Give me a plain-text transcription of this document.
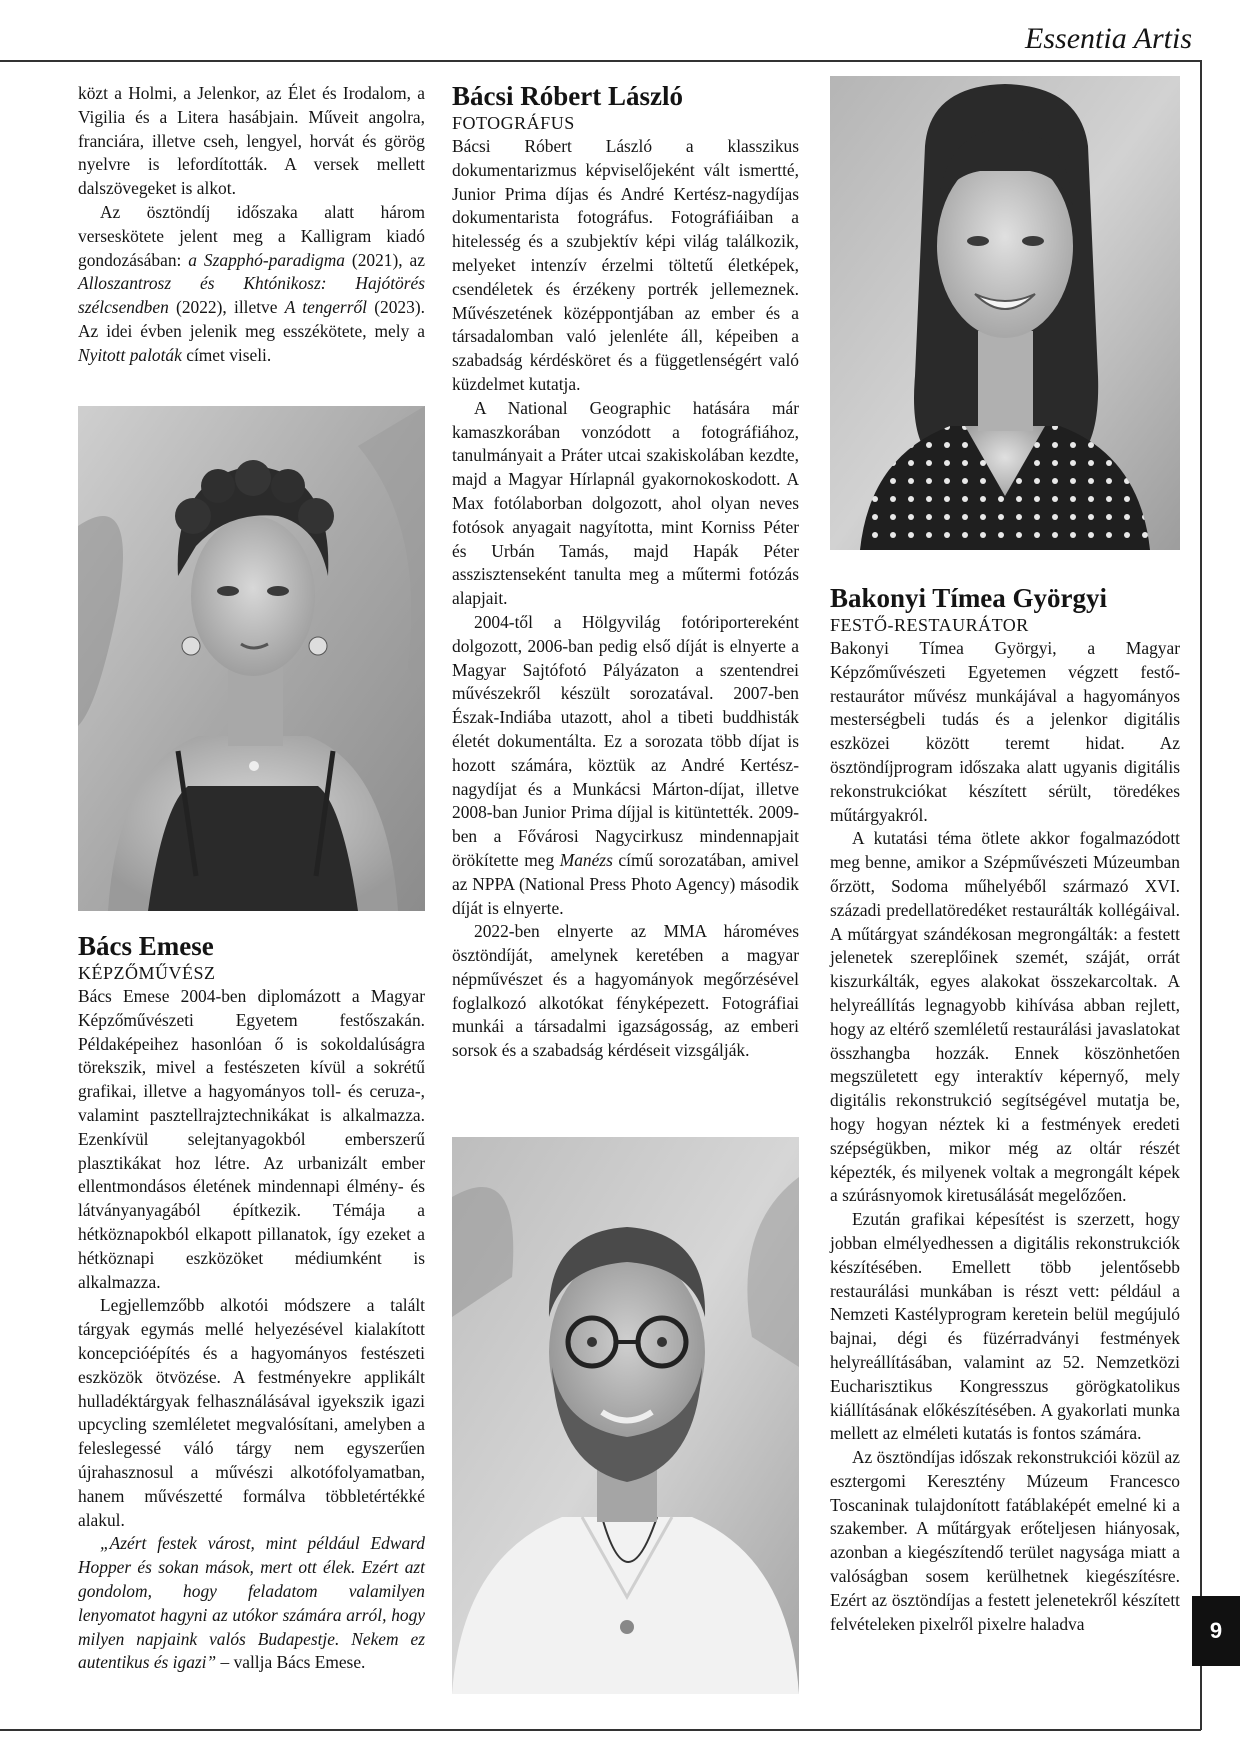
Essentia Artis
9

közt a Holmi, a Jelenkor, az Élet és Irodalom, a Vigilia és a Litera hasábjain. Műveit angolra, franciára, illetve cseh, lengyel, horvát és görög nyelvre is lefordították. A versek mellett dalszövegeket is alkot.

Az ösztöndíj időszaka alatt három verseskötete jelent meg a Kalligram kiadó gondozásában: a Szapphó-paradigma (2021), az Alloszantrosz és Khtónikosz: Hajótörés szélcsendben (2022), illetve A tengerről (2023). Az idei évben jelenik meg esszékötete, mely a Nyitott paloták címet viseli.

Bács Emese

KÉPZŐMŰVÉSZ

Bács Emese 2004-ben diplomázott a Magyar Képzőművészeti Egyetem festőszakán. Példaképeihez hasonlóan ő is sokoldalúságra törekszik, mivel a festészeten kívül a sokrétű grafikai, illetve a hagyományos toll- és ceruza-, valamint pasztellrajztechnikákat is alkalmazza. Ezenkívül selejtanyagokból emberszerű plasztikákat hoz létre. Az urbanizált ember ellentmondásos életének mindennapi élmény- és látványanyagából építkezik. Témája a hétköznapokból elkapott pillanatok, így ezeket a hétköznapi eszközöket médiumként is alkalmazza.

Legjellemzőbb alkotói módszere a talált tárgyak egymás mellé helyezésével kialakított koncepcióépítés és a hagyományos festészeti eszközök ötvözése. A festményekre applikált hulladéktárgyak felhasználásával igyekszik igazi upcycling szemléletet megvalósítani, amelyben a feleslegessé váló tárgy nem egyszerűen újrahasznosul a művészi alkotófolyamatban, hanem művészetté formálva többletértékké alakul.

„Azért festek várost, mint például Edward Hopper és sokan mások, mert ott élek. Ezért azt gondolom, hogy feladatom valamilyen lenyomatot hagyni az utókor számára arról, hogy milyen napjaink valós Budapestje. Nekem ez autentikus és igazi” – vallja Bács Emese.

Bácsi Róbert László

FOTOGRÁFUS

Bácsi Róbert László a klasszikus dokumentarizmus képviselőjeként vált ismertté, Junior Prima díjas és André Kertész-nagydíjas dokumentarista fotográfus. Fotográfiáiban a hitelesség és a szubjektív képi világ találkozik, melyeket intenzív érzelmi töltetű életképek, csendéletek és érzékeny portrék jellemeznek. Művészetének középpontjában az ember és a társadalomban való jelenléte áll, képeiben a szabadság kérdésköret és a függetlenségért való küzdelmet kutatja.

A National Geographic hatására már kamaszkorában vonzódott a fotográfiához, tanulmányait a Práter utcai szakiskolában kezdte, majd a Magyar Hírlapnál gyakornokoskodott. A Max fotólaborban dolgozott, ahol olyan neves fotósok anyagait nagyította, mint Korniss Péter és Urbán Tamás, majd Hapák Péter asszisztenseként tanulta meg a műtermi fotózás alapjait.

2004-től a Hölgyvilág fotóriportereként dolgozott, 2006-ban pedig első díját is elnyerte a Magyar Sajtófotó Pályázaton a szentendrei művészekről készült sorozatával. 2007-ben Észak-Indiába utazott, ahol a tibeti buddhisták életét dokumentálta. Ez a sorozata több díjat is hozott számára, köztük az André Kertész-nagydíjat és a Munkácsi Márton-díjat, illetve 2008-ban Junior Prima díjjal is kitüntették. 2009-ben a Fővárosi Nagycirkusz mindennapjait örökítette meg Manézs című sorozatában, amivel az NPPA (National Press Photo Agency) második díját is elnyerte.

2022-ben elnyerte az MMA hároméves ösztöndíját, amelynek keretében a magyar népművészet és a hagyományok megőrzésével foglalkozó alkotókat fényképezett. Fotográfiai munkái a társadalmi igazságosság, az emberi sorsok és a szabadság kérdéseit vizsgálják.

Bakonyi Tímea Györgyi

FESTŐ-RESTAURÁTOR

Bakonyi Tímea Györgyi, a Magyar Képzőművészeti Egyetemen végzett festő-restaurátor művész munkájával a hagyományos mesterségbeli tudás és a jelenkor digitális eszközei között teremt hidat. Az ösztöndíjprogram időszaka alatt ugyanis digitális rekonstrukciókat készített sérült, töredékes műtárgyakról.

A kutatási téma ötlete akkor fogalmazódott meg benne, amikor a Szépművészeti Múzeumban őrzött, Sodoma műhelyéből származó XVI. századi predellatöredéket restaurálták kollégáival. A műtárgyat szándékosan megrongálták: a festett jelenetek szereplőinek szemét, száját, orrát kiszurkálták, egyes alakokat összekarcoltak. A helyreállítás legnagyobb kihívása abban rejlett, hogy az eltérő szemléletű restaurálási javaslatokat összhangba hozzák. Ennek köszönhetően megszületett egy interaktív képernyő, mely digitális rekonstrukció segítségével mutatja be, hogy hogyan néztek ki a festmények eredeti szépségükben, mikor még az oltár részét képezték, és milyenek voltak a megrongált képek a szúrásnyomok kiretusálását megelőzően.

Ezután grafikai képesítést is szerzett, hogy jobban elmélyedhessen a digitális rekonstrukciók készítésében. Emellett több jelentősebb restaurálási munkában is részt vett: például a Nemzeti Kastélyprogram keretein belül megújuló bajnai, dégi és füzérradványi festmények helyreállításában, valamint az 52. Nemzetközi Eucharisztikus Kongresszus görögkatolikus kiállításának előkészítésében. A gyakorlati munka mellett az elméleti kutatás is fontos számára.

Az ösztöndíjas időszak rekonstrukciói közül az esztergomi Keresztény Múzeum Francesco Toscaninak tulajdonított fatáblaképét emelné ki a szakember. A műtárgyak erőteljesen hiányosak, azonban a kiegészítendő terület nagysága miatt a valóságban sosem kerülhetnek kiegészítésre. Ezért az ösztöndíjas a festett jelenetekről készített felvételeken pixelről pixelre haladva
